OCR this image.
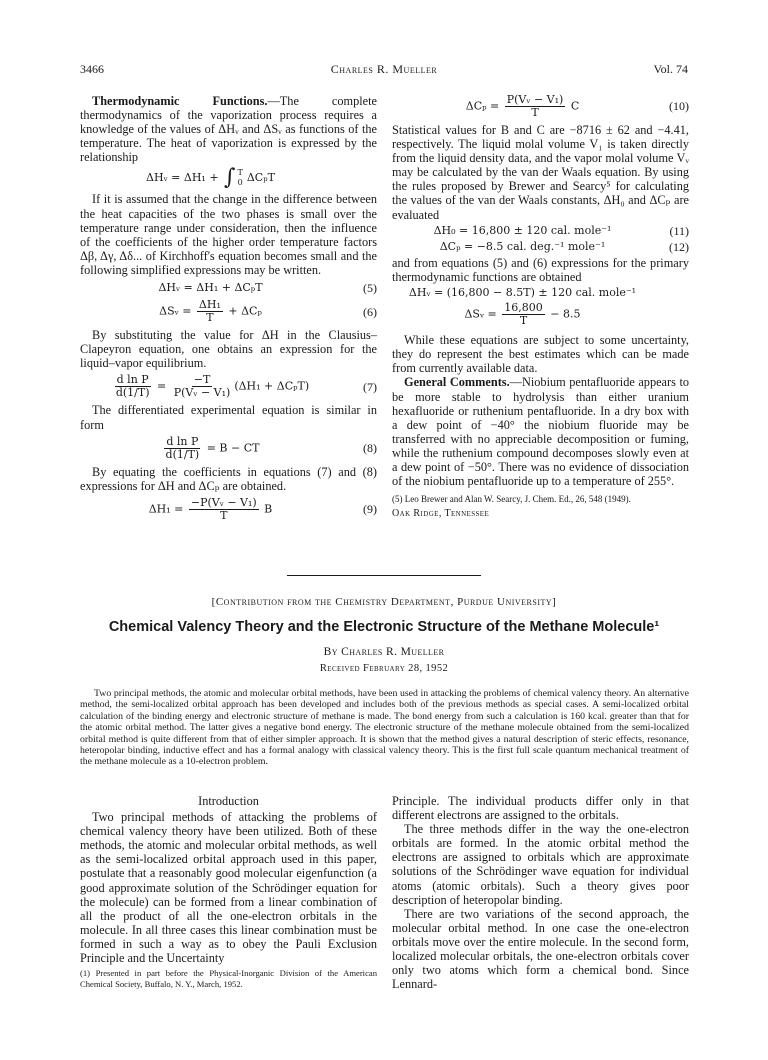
3466	Charles R. Mueller	Vol. 74

Thermodynamic Functions.—The complete thermodynamics of the vaporization process requires a knowledge of the values of ΔHᵥ and ΔSᵥ as functions of the temperature. The heat of vaporization is expressed by the relationship

ΔHᵥ = ΔH₁ + ∫ T
0 ΔCₚT

If it is assumed that the change in the difference between the heat capacities of the two phases is small over the temperature range under consideration, then the influence of the coefficients of the higher order temperature factors Δβ, Δγ, Δδ... of Kirchhoff's equation becomes small and the following simplified expressions may be written.

ΔHᵥ = ΔH₁ + ΔCₚT	(5)
ΔSᵥ = $\frac{\text{ΔH₁}}{T} + \Delta C_p$	(6)

By substituting the value for ΔH in the Clausius–Clapeyron equation, one obtains an expression for the liquid–vapor equilibrium.

$\frac{\text{d ln P}}{d(1/T)} = \frac{-T}{\text{P(Vᵥ − V₁)}} (\Delta H_1 + \Delta C_pT)$	(7)

The differentiated experimental equation is similar in form

$\frac{\text{d ln P}}{d(1/T)} = B$ − CT	(8)

By equating the coefficients in equations (7) and (8) expressions for ΔH and ΔCₚ are obtained.

$\Delta H_1 = \frac{\text{−P(Vᵥ − V₁)}}{T}$ B	(9)
$\Delta C_p = \frac{\text{P(Vᵥ − V₁)}}{T}$ C	(10)

Statistical values for B and C are −8716 ± 62 and −4.41, respectively. The liquid molal volume V₁ is taken directly from the liquid density data, and the vapor molal volume Vᵥ may be calculated by the van der Waals equation. By using the rules proposed by Brewer and Searcy⁵ for calculating the values of the van der Waals constants, ΔH₀ and ΔCₚ are evaluated

ΔH₀ = 16,800 ± 120 cal. mole⁻¹	(11)
ΔCₚ = −8.5 cal. deg.⁻¹ mole⁻¹	(12)

and from equations (5) and (6) expressions for the primary thermodynamic functions are obtained

ΔHᵥ = (16,800 − 8.5T) ± 120 cal. mole⁻¹
ΔSᵥ = $\frac{16,800}{T} - 8.5$

While these equations are subject to some uncertainty, they do represent the best estimates which can be made from currently available data.

General Comments.—Niobium pentafluoride appears to be more stable to hydrolysis than either uranium hexafluoride or ruthenium pentafluoride. In a dry box with a dew point of −40° the niobium fluoride may be transferred with no appreciable decomposition or fuming, while the ruthenium compound decomposes slowly even at a dew point of −50°. There was no evidence of dissociation of the niobium pentafluoride up to a temperature of 255°.

(5) Leo Brewer and Alan W. Searcy, J. Chem. Ed., 26, 548 (1949).
Oak Ridge, Tennessee
[Contribution from the Chemistry Department, Purdue University]
Chemical Valency Theory and the Electronic Structure of the Methane Molecule¹
By Charles R. Mueller
Received February 28, 1952
Two principal methods, the atomic and molecular orbital methods, have been used in attacking the problems of chemical valency theory. An alternative method, the semi-localized orbital approach has been developed and includes both of the previous methods as special cases. A semi-localized orbital calculation of the binding energy and electronic structure of methane is made. The bond energy from such a calculation is 160 kcal. greater than that for the atomic orbital method. The latter gives a negative bond energy. The electronic structure of the methane molecule obtained from the semi-localized orbital method is quite different from that of either simpler approach. It is shown that the method gives a natural description of steric effects, resonance, heteropolar binding, inductive effect and has a formal analogy with classical valency theory. This is the first full scale quantum mechanical treatment of the methane molecule as a 10-electron problem.
Introduction

Two principal methods of attacking the problems of chemical valency theory have been utilized. Both of these methods, the atomic and molecular orbital methods, as well as the semi-localized orbital approach used in this paper, postulate that a reasonably good molecular eigenfunction (a good approximate solution of the Schrödinger equation for the molecule) can be formed from a linear combination of all the product of all the one-electron orbitals in the molecule. In all three cases this linear combination must be formed in such a way as to obey the Pauli Exclusion Principle and the Uncertainty

(1) Presented in part before the Physical-Inorganic Division of the American Chemical Society, Buffalo, N. Y., March, 1952.

Principle. The individual products differ only in that different electrons are assigned to the orbitals.

The three methods differ in the way the one-electron orbitals are formed. In the atomic orbital method the electrons are assigned to orbitals which are approximate solutions of the Schrödinger wave equation for individual atoms (atomic orbitals). Such a theory gives poor description of heteropolar binding.

There are two variations of the second approach, the molecular orbital method. In one case the one-electron orbitals move over the entire molecule. In the second form, localized molecular orbitals, the one-electron orbitals cover only two atoms which form a chemical bond. Since Lennard-
